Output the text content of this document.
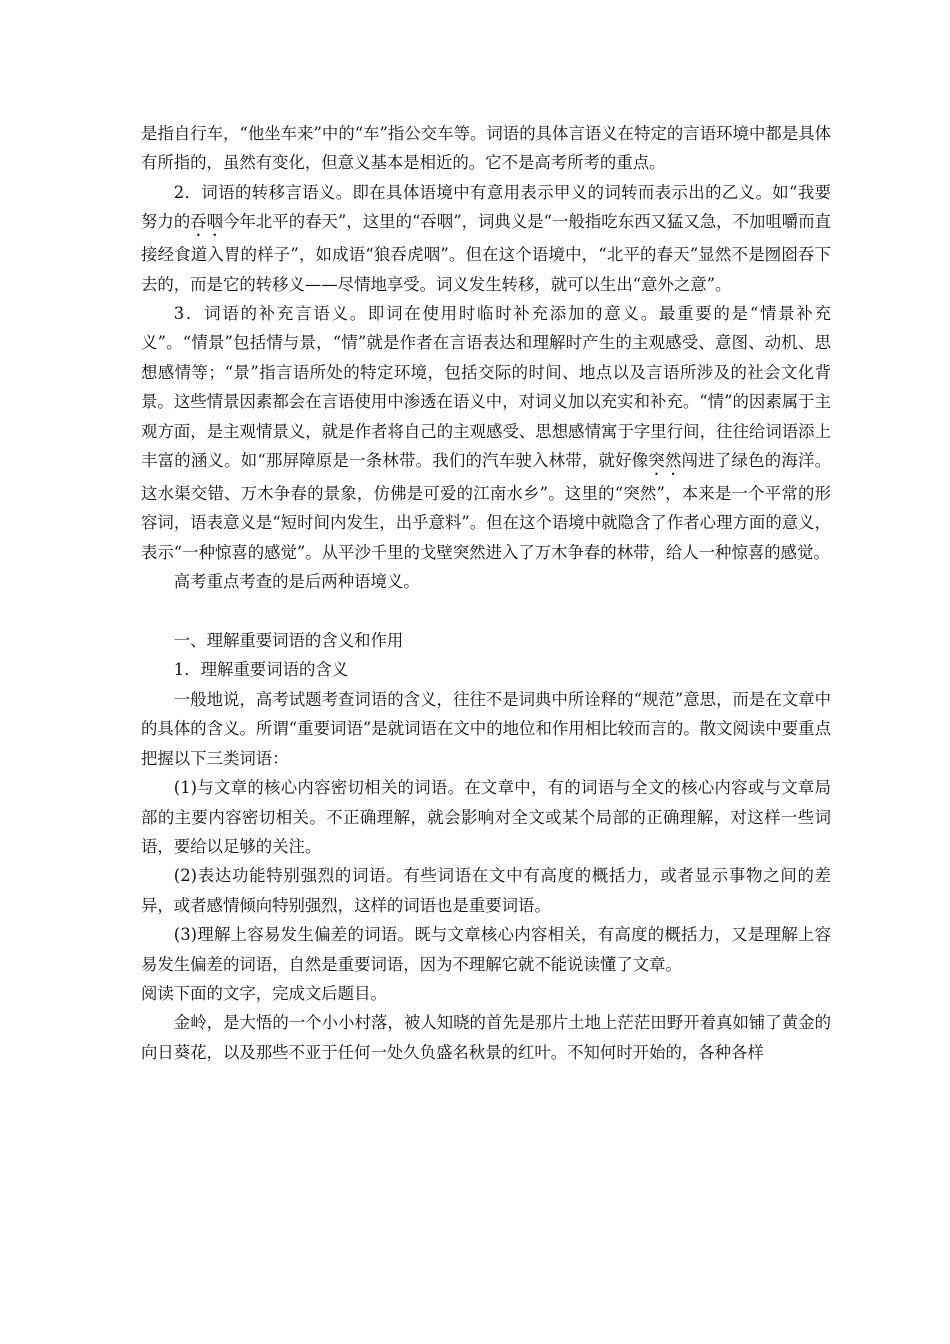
是指自行车，“他坐车来”中的“车”指公交车等。词语的具体言语义在特定的言语环境中都是具体有所指的，虽然有变化，但意义基本是相近的。它不是高考所考的重点。

2．词语的转移言语义。即在具体语境中有意用表示甲义的词转而表示出的乙义。如“我要努力的吞咽今年北平的春天”，这里的“吞咽”，词典义是“一般指吃东西又猛又急，不加咀嚼而直接经食道入胃的样子”，如成语“狼吞虎咽”。但在这个语境中，“北平的春天”显然不是囫囵吞下去的，而是它的转移义——尽情地享受。词义发生转移，就可以生出“意外之意”。

3．词语的补充言语义。即词在使用时临时补充添加的意义。最重要的是“情景补充义”。“情景”包括情与景，“情”就是作者在言语表达和理解时产生的主观感受、意图、动机、思想感情等；“景”指言语所处的特定环境，包括交际的时间、地点以及言语所涉及的社会文化背景。这些情景因素都会在言语使用中渗透在语义中，对词义加以充实和补充。“情”的因素属于主观方面，是主观情景义，就是作者将自己的主观感受、思想感情寓于字里行间，往往给词语添上丰富的涵义。如“那屏障原是一条林带。我们的汽车驶入林带，就好像突然闯进了绿色的海洋。这水渠交错、万木争春的景象，仿佛是可爱的江南水乡”。这里的“突然”，本来是一个平常的形容词，语表意义是“短时间内发生，出乎意料”。但在这个语境中就隐含了作者心理方面的意义，表示“一种惊喜的感觉”。从平沙千里的戈壁突然进入了万木争春的林带，给人一种惊喜的感觉。

高考重点考查的是后两种语境义。

一、理解重要词语的含义和作用

1．理解重要词语的含义

一般地说，高考试题考查词语的含义，往往不是词典中所诠释的“规范”意思，而是在文章中的具体的含义。所谓“重要词语”是就词语在文中的地位和作用相比较而言的。散文阅读中要重点把握以下三类词语：

(1)与文章的核心内容密切相关的词语。在文章中，有的词语与全文的核心内容或与文章局部的主要内容密切相关。不正确理解，就会影响对全文或某个局部的正确理解，对这样一些词语，要给以足够的关注。

(2)表达功能特别强烈的词语。有些词语在文中有高度的概括力，或者显示事物之间的差异，或者感情倾向特别强烈，这样的词语也是重要词语。

(3)理解上容易发生偏差的词语。既与文章核心内容相关，有高度的概括力，又是理解上容易发生偏差的词语，自然是重要词语，因为不理解它就不能说读懂了文章。

阅读下面的文字，完成文后题目。

金岭，是大悟的一个小小村落，被人知晓的首先是那片土地上茫茫田野开着真如铺了黄金的向日葵花，以及那些不亚于任何一处久负盛名秋景的红叶。不知何时开始的，各种各样
